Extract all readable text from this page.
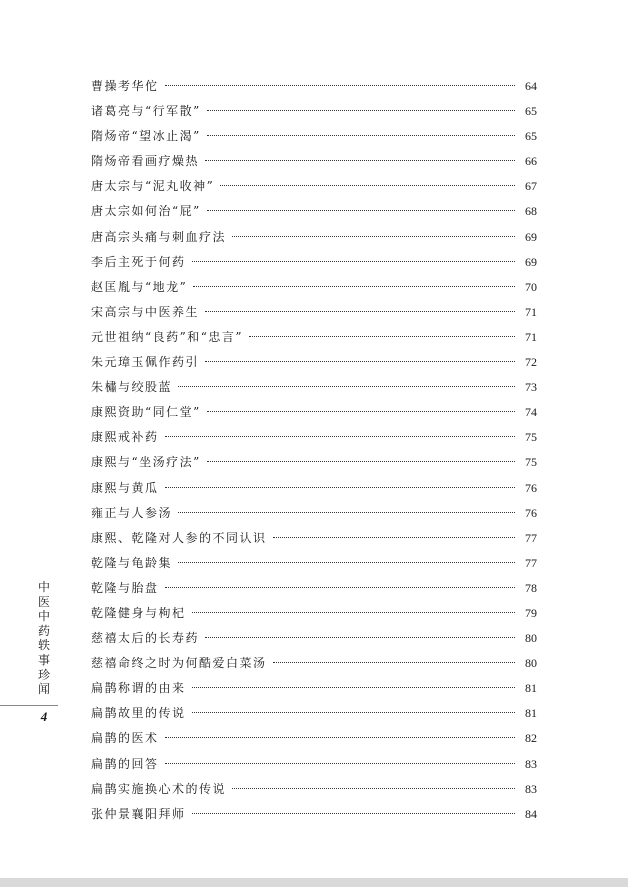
曹操考华佗	64
诸葛亮与“行军散”	65
隋炀帝“望冰止渴”	65
隋炀帝看画疗燥热	66
唐太宗与“泥丸收神”	67
唐太宗如何治“屁”	68
唐高宗头痛与刺血疗法	69
李后主死于何药	69
赵匡胤与“地龙”	70
宋高宗与中医养生	71
元世祖纳“良药”和“忠言”	71
朱元璋玉佩作药引	72
朱橚与绞股蓝	73
康熙资助“同仁堂”	74
康熙戒补药	75
康熙与“坐汤疗法”	75
康熙与黄瓜	76
雍正与人参汤	76
康熙、乾隆对人参的不同认识	77
乾隆与龟龄集	77
乾隆与胎盘	78
乾隆健身与枸杞	79
慈禧太后的长寿药	80
慈禧命终之时为何酷爱白菜汤	80
扁鹊称谓的由来	81
扁鹊故里的传说	81
扁鹊的医术	82
扁鹊的回答	83
扁鹊实施换心术的传说	83
张仲景襄阳拜师	84
中医中药轶事珍闻
4
